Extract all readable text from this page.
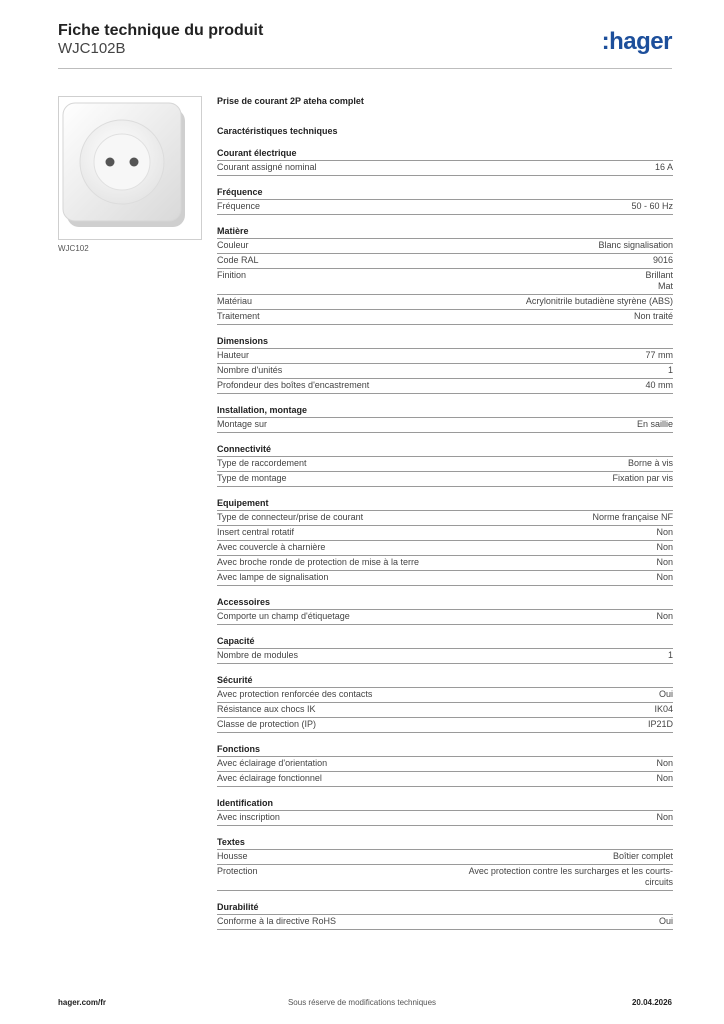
Fiche technique du produit
WJC102B	:hager
WJC102
Prise de courant 2P ateha complet
Caractéristiques techniques
Courant électrique
Courant assigné nominal	16 A
Fréquence
Fréquence	50 - 60 Hz
Matière
Couleur	Blanc signalisation
Code RAL	9016
Finition	Brillant
Mat
Matériau	Acrylonitrile butadiène styrène (ABS)
Traitement	Non traité
Dimensions
Hauteur	77 mm
Nombre d'unités	1
Profondeur des boîtes d'encastrement	40 mm
Installation, montage
Montage sur	En saillie
Connectivité
Type de raccordement	Borne à vis
Type de montage	Fixation par vis
Equipement
Type de connecteur/prise de courant	Norme française NF
Insert central rotatif	Non
Avec couvercle à charnière	Non
Avec broche ronde de protection de mise à la terre	Non
Avec lampe de signalisation	Non
Accessoires
Comporte un champ d'étiquetage	Non
Capacité
Nombre de modules	1
Sécurité
Avec protection renforcée des contacts	Oui
Résistance aux chocs IK	IK04
Classe de protection (IP)	IP21D
Fonctions
Avec éclairage d'orientation	Non
Avec éclairage fonctionnel	Non
Identification
Avec inscription	Non
Textes
Housse	Boîtier complet
Protection	Avec protection contre les surcharges et les courts-
circuits
Durabilité
Conforme à la directive RoHS	Oui
hager.com/fr	Sous réserve de modifications techniques	20.04.2026
